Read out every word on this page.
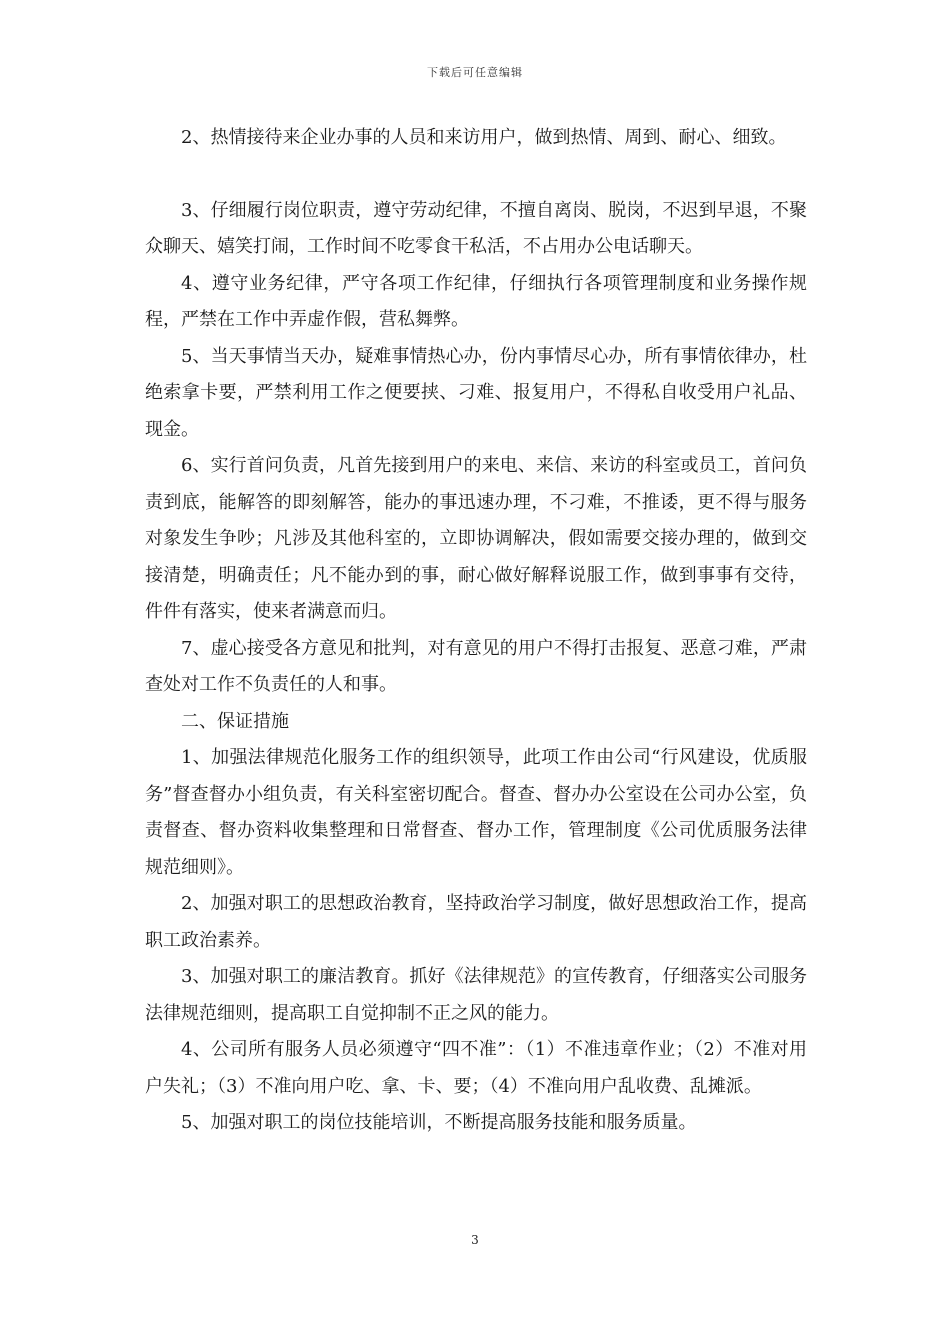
下载后可任意编辑

2、热情接待来企业办事的人员和来访用户，做到热情、周到、耐心、细致。

3、仔细履行岗位职责，遵守劳动纪律，不擅自离岗、脱岗，不迟到早退，不聚众聊天、嬉笑打闹，工作时间不吃零食干私活，不占用办公电话聊天。

4、遵守业务纪律，严守各项工作纪律，仔细执行各项管理制度和业务操作规程，严禁在工作中弄虚作假，营私舞弊。

5、当天事情当天办，疑难事情热心办，份内事情尽心办，所有事情依律办，杜绝索拿卡要，严禁利用工作之便要挟、刁难、报复用户，不得私自收受用户礼品、现金。

6、实行首问负责，凡首先接到用户的来电、来信、来访的科室或员工，首问负责到底，能解答的即刻解答，能办的事迅速办理，不刁难，不推诿，更不得与服务对象发生争吵；凡涉及其他科室的，立即协调解决，假如需要交接办理的，做到交接清楚，明确责任；凡不能办到的事，耐心做好解释说服工作，做到事事有交待，件件有落实，使来者满意而归。

7、虚心接受各方意见和批判，对有意见的用户不得打击报复、恶意刁难，严肃查处对工作不负责任的人和事。

二、保证措施

1、加强法律规范化服务工作的组织领导，此项工作由公司“行风建设，优质服务”督查督办小组负责，有关科室密切配合。督查、督办办公室设在公司办公室，负责督查、督办资料收集整理和日常督查、督办工作，管理制度《公司优质服务法律规范细则》。

2、加强对职工的思想政治教育，坚持政治学习制度，做好思想政治工作，提高职工政治素养。

3、加强对职工的廉洁教育。抓好《法律规范》的宣传教育，仔细落实公司服务法律规范细则，提高职工自觉抑制不正之风的能力。

4、公司所有服务人员必须遵守“四不准”：（1）不准违章作业；（2）不准对用户失礼；（3）不准向用户吃、拿、卡、要；（4）不准向用户乱收费、乱摊派。

5、加强对职工的岗位技能培训，不断提高服务技能和服务质量。

3
